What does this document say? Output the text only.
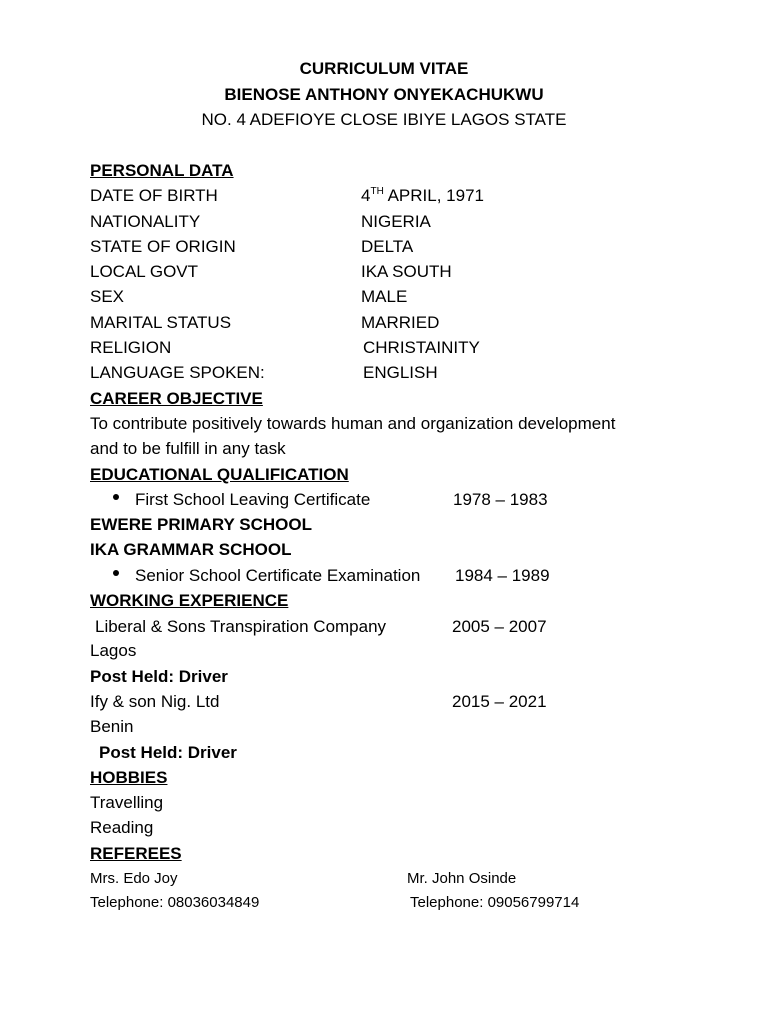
CURRICULUM VITAE
BIENOSE ANTHONY ONYEKACHUKWU
NO. 4 ADEFIOYE CLOSE IBIYE LAGOS STATE
PERSONAL DATA
DATE OF BIRTH	4TH APRIL, 1971
NATIONALITY	NIGERIA
STATE OF ORIGIN	DELTA
LOCAL GOVT	IKA SOUTH
SEX	MALE
MARITAL STATUS	MARRIED
RELIGION	CHRISTAINITY
LANGUAGE SPOKEN:	ENGLISH
CAREER OBJECTIVE
To contribute positively towards human and organization development
and to be fulfill in any task
EDUCATIONAL QUALIFICATION
First School Leaving Certificate	1978 – 1983
EWERE PRIMARY SCHOOL
IKA GRAMMAR SCHOOL
Senior School Certificate Examination 1984 – 1989
WORKING EXPERIENCE
Liberal & Sons Transpiration Company	2005 – 2007
Lagos
Post Held: Driver
Ify & son Nig. Ltd	2015 – 2021
Benin
Post Held: Driver
HOBBIES
Travelling
Reading
REFEREES
Mrs. Edo Joy
Telephone: 08036034849
Mr. John Osinde
Telephone: 09056799714
